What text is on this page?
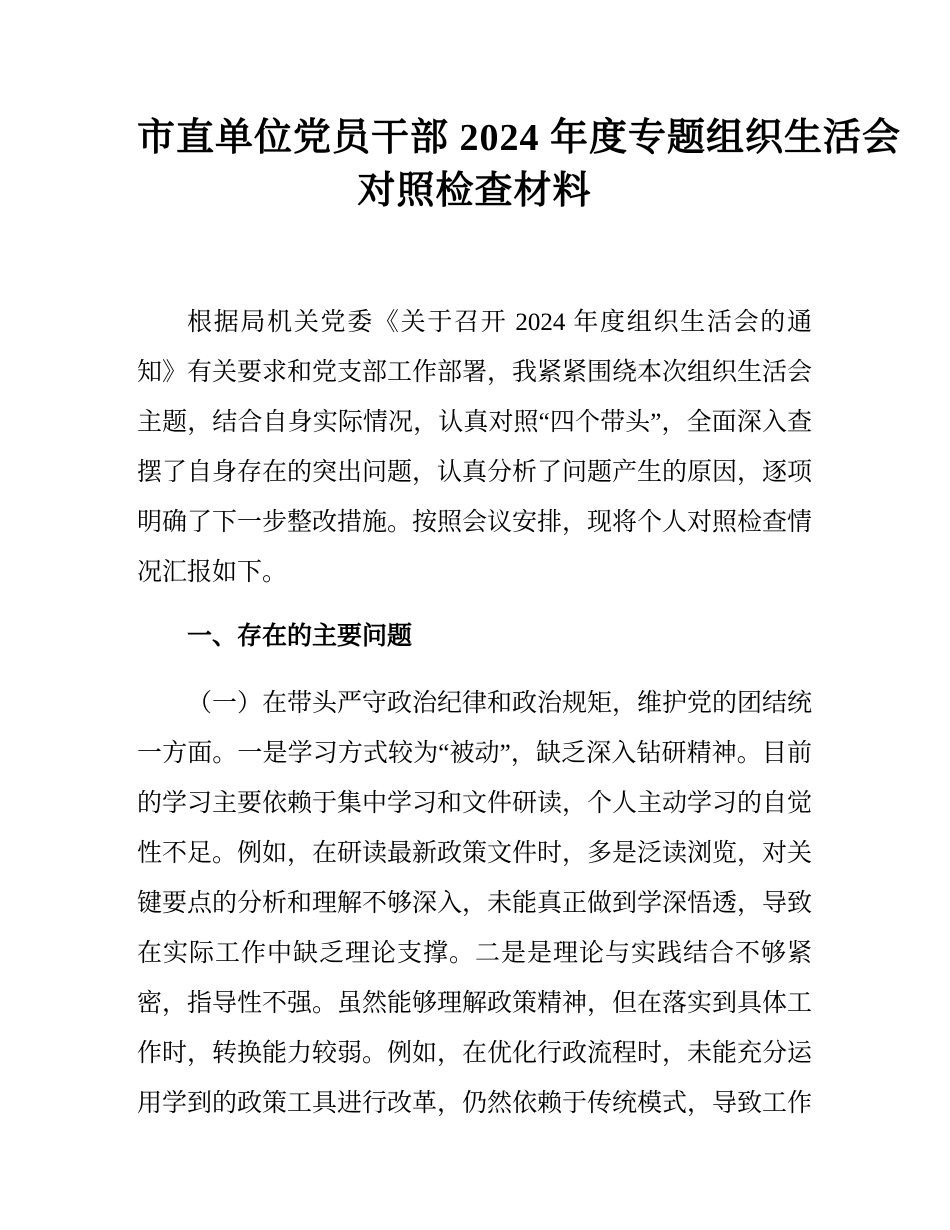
市直单位党员干部 2024 年度专题组织生活会
对照检查材料

根据局机关党委《关于召开 2024 年度组织生活会的通知》有关要求和党支部工作部署，我紧紧围绕本次组织生活会主题，结合自身实际情况，认真对照“四个带头”，全面深入查摆了自身存在的突出问题，认真分析了问题产生的原因，逐项明确了下一步整改措施。按照会议安排，现将个人对照检查情况汇报如下。

一、存在的主要问题

（一）在带头严守政治纪律和政治规矩，维护党的团结统一方面。一是学习方式较为“被动”，缺乏深入钻研精神。目前的学习主要依赖于集中学习和文件研读，个人主动学习的自觉性不足。例如，在研读最新政策文件时，多是泛读浏览，对关键要点的分析和理解不够深入，未能真正做到学深悟透，导致在实际工作中缺乏理论支撑。二是是理论与实践结合不够紧密，指导性不强。虽然能够理解政策精神，但在落实到具体工作时，转换能力较弱。例如，在优化行政流程时，未能充分运用学到的政策工具进行改革，仍然依赖于传统模式，导致工作
